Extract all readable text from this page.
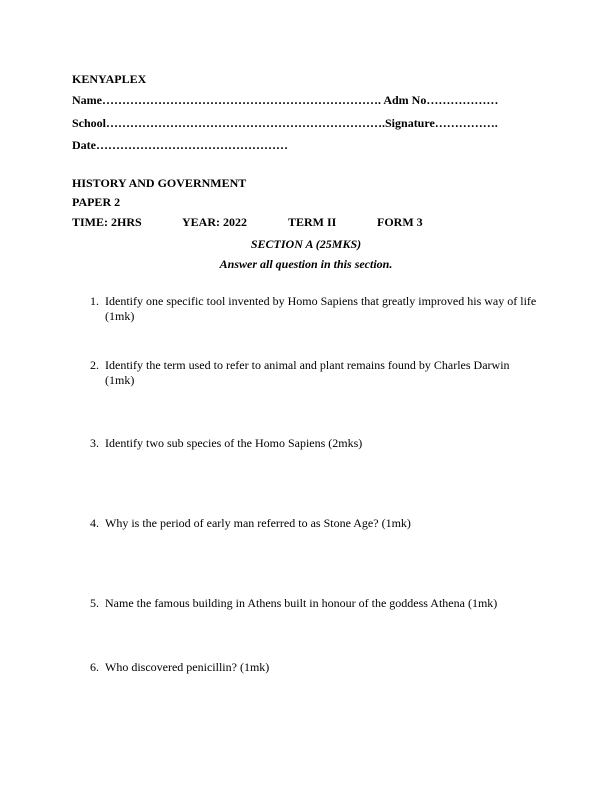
KENYAPLEX
Name……………………………………………………………. Adm No………………
School…………………………………………………………….Signature…………….
Date…………………………………………
HISTORY AND GOVERNMENT
PAPER 2

TIME: 2HRS

	YEAR: 2022

	TERM II

	FORM 3

SECTION A (25MKS)
Answer all question in this section.
1. Identify one specific tool invented by Homo Sapiens that greatly improved his way of life
(1mk)
2. Identify the term used to refer to animal and plant remains found by Charles Darwin
(1mk)
3. Identify two sub species of the Homo Sapiens (2mks)
4. Why is the period of early man referred to as Stone Age? (1mk)
5. Name the famous building in Athens built in honour of the goddess Athena (1mk)
6. Who discovered penicillin? (1mk)
